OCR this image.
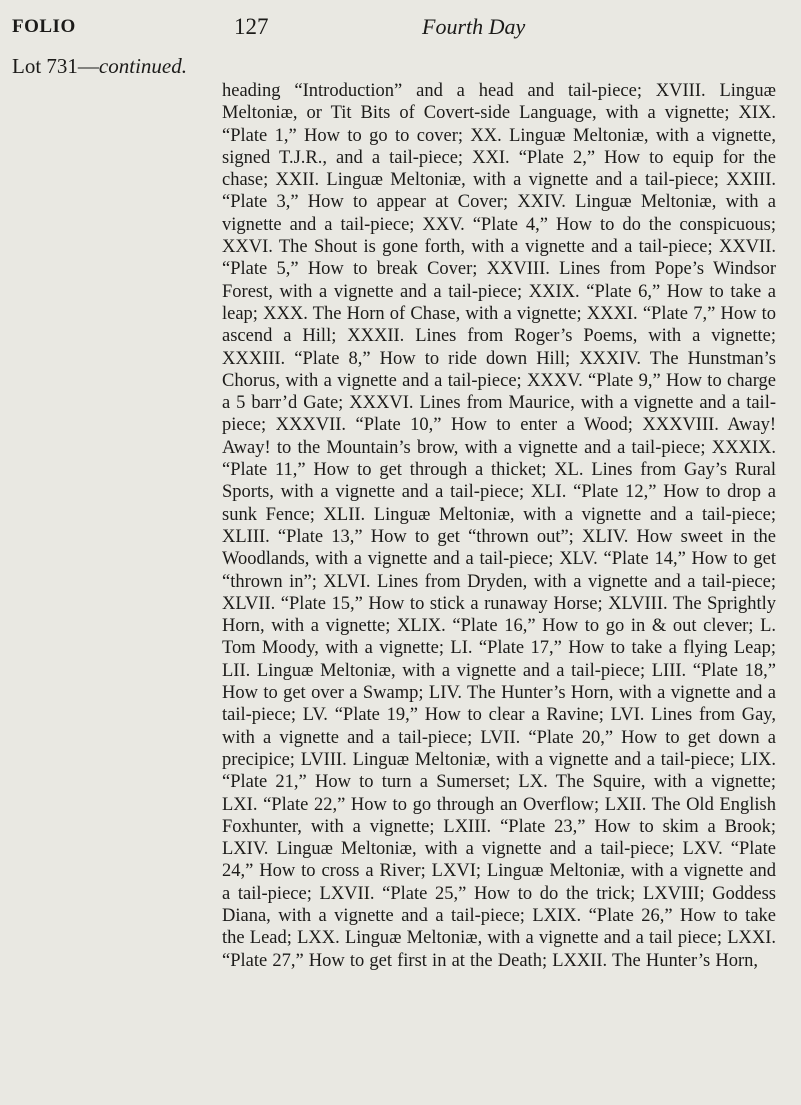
FOLIO	127	Fourth Day
Lot 731—continued.

heading “Introduction” and a head and tail-piece; XVIII. Linguæ Meltoniæ, or Tit Bits of Covert-side Language, with a vignette; XIX. “Plate 1,” How to go to cover; XX. Linguæ Meltoniæ, with a vignette, signed T.J.R., and a tail-piece; XXI. “Plate 2,” How to equip for the chase; XXII. Linguæ Meltoniæ, with a vignette and a tail-piece; XXIII. “Plate 3,” How to appear at Cover; XXIV. Linguæ Meltoniæ, with a vignette and a tail-piece; XXV. “Plate 4,” How to do the conspicuous; XXVI. The Shout is gone forth, with a vignette and a tail-piece; XXVII. “Plate 5,” How to break Cover; XXVIII. Lines from Pope’s Windsor Forest, with a vignette and a tail-piece; XXIX. “Plate 6,” How to take a leap; XXX. The Horn of Chase, with a vignette; XXXI. “Plate 7,” How to ascend a Hill; XXXII. Lines from Roger’s Poems, with a vignette; XXXIII. “Plate 8,” How to ride down Hill; XXXIV. The Hunstman’s Chorus, with a vignette and a tail-piece; XXXV. “Plate 9,” How to charge a 5 barr’d Gate; XXXVI. Lines from Maurice, with a vignette and a tail-piece; XXXVII. “Plate 10,” How to enter a Wood; XXXVIII. Away! Away! to the Mountain’s brow, with a vignette and a tail-piece; XXXIX. “Plate 11,” How to get through a thicket; XL. Lines from Gay’s Rural Sports, with a vignette and a tail-piece; XLI. “Plate 12,” How to drop a sunk Fence; XLII. Linguæ Meltoniæ, with a vignette and a tail-piece; XLIII. “Plate 13,” How to get “thrown out”; XLIV. How sweet in the Woodlands, with a vignette and a tail-piece; XLV. “Plate 14,” How to get “thrown in”; XLVI. Lines from Dryden, with a vignette and a tail-piece; XLVII. “Plate 15,” How to stick a runaway Horse; XLVIII. The Sprightly Horn, with a vignette; XLIX. “Plate 16,” How to go in & out clever; L. Tom Moody, with a vignette; LI. “Plate 17,” How to take a flying Leap; LII. Linguæ Meltoniæ, with a vignette and a tail-piece; LIII. “Plate 18,” How to get over a Swamp; LIV. The Hunter’s Horn, with a vignette and a tail-piece; LV. “Plate 19,” How to clear a Ravine; LVI. Lines from Gay, with a vignette and a tail-piece; LVII. “Plate 20,” How to get down a precipice; LVIII. Linguæ Meltoniæ, with a vignette and a tail-piece; LIX. “Plate 21,” How to turn a Sumerset; LX. The Squire, with a vignette; LXI. “Plate 22,” How to go through an Overflow; LXII. The Old English Foxhunter, with a vignette; LXIII. “Plate 23,” How to skim a Brook; LXIV. Linguæ Meltoniæ, with a vignette and a tail-piece; LXV. “Plate 24,” How to cross a River; LXVI; Linguæ Meltoniæ, with a vignette and a tail-piece; LXVII. “Plate 25,” How to do the trick; LXVIII; Goddess Diana, with a vignette and a tail-piece; LXIX. “Plate 26,” How to take the Lead; LXX. Linguæ Meltoniæ, with a vignette and a tail piece; LXXI. “Plate 27,” How to get first in at the Death; LXXII. The Hunter’s Horn,
